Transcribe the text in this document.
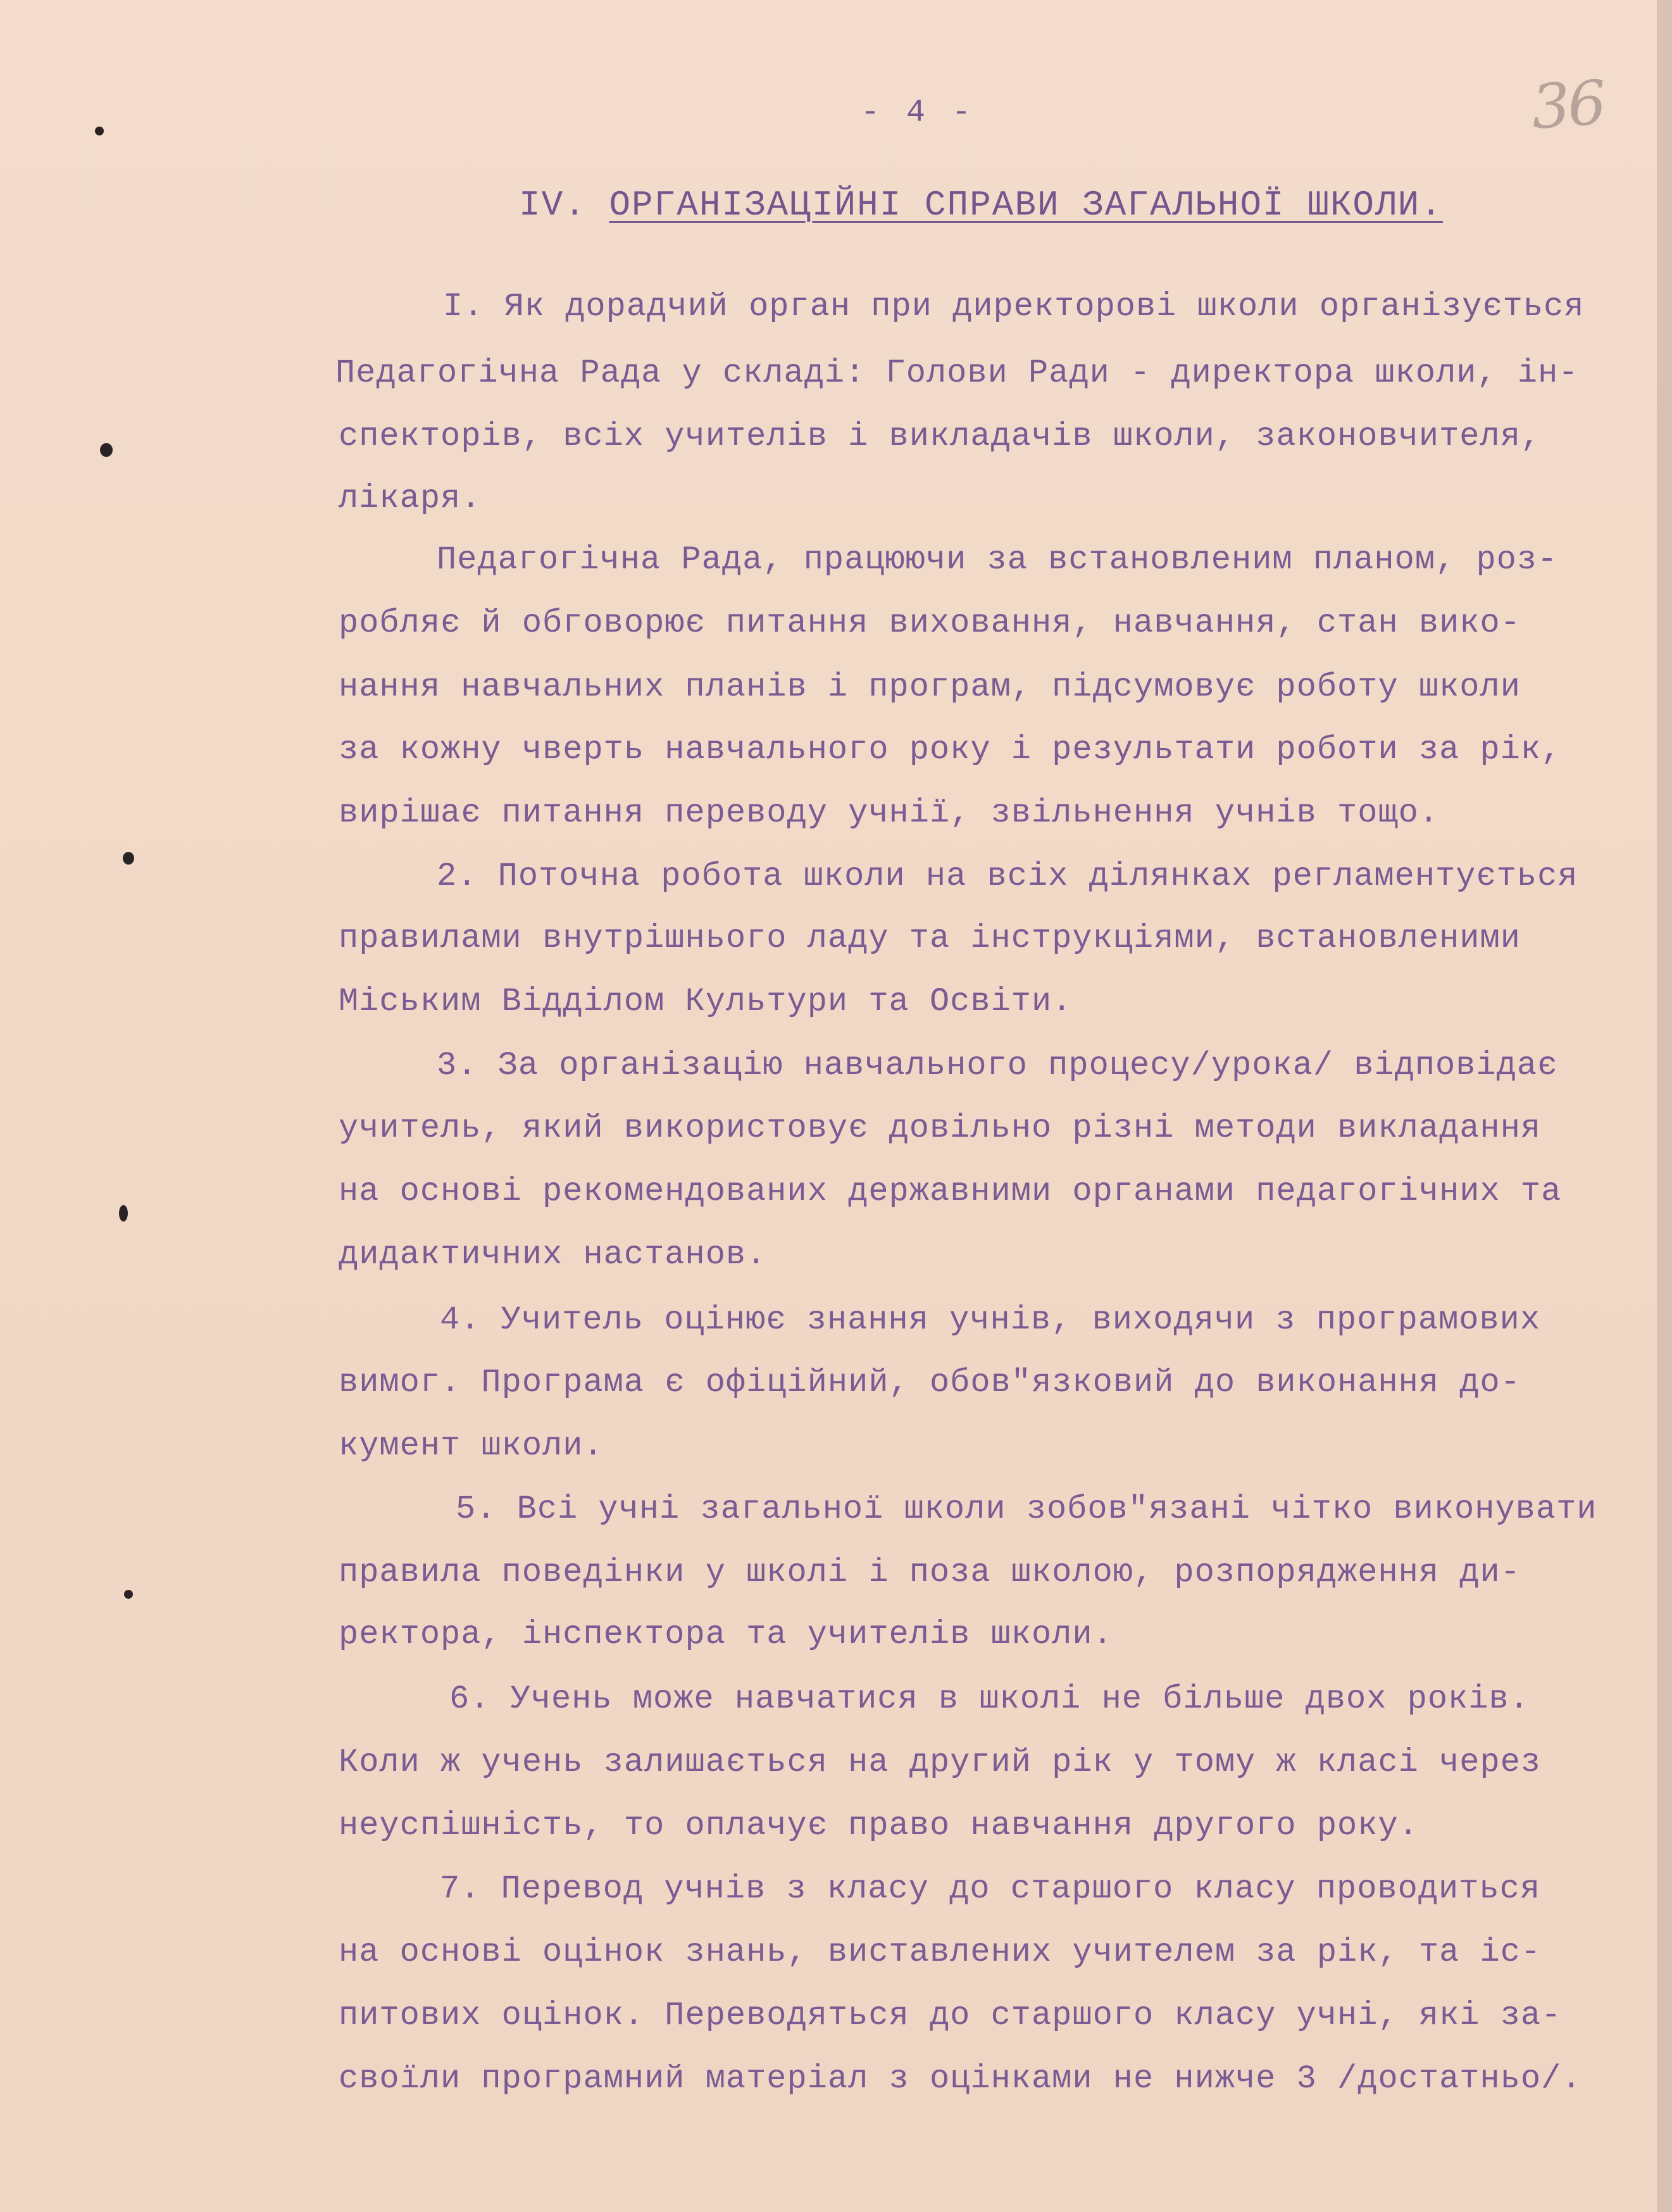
36
- 4 -
IV. ОРГАНІЗАЦІЙНІ СПРАВИ ЗАГАЛЬНОЇ ШКОЛИ.
I. Як дорадчий орган при директорові школи організується
Педагогічна Рада у складі: Голови Ради - директора школи, ін-
спекторів, всіх учителів і викладачів школи, законовчителя,
лікаря.
Педагогічна Рада, працюючи за встановленим планом, роз-
робляє й обговорює питання виховання, навчання, стан вико-
нання навчальних планів і програм, підсумовує роботу школи
за кожну чверть навчального року і результати роботи за рік,
вирішає питання переводу учнії, звільнення учнів тощо.
2. Поточна робота школи на всіх ділянках регламентується
правилами внутрішнього ладу та інструкціями, встановленими
Міським Відділом Культури та Освіти.
3. За організацію навчального процесу/урока/ відповідає
учитель, який використовує довільно різні методи викладання
на основі рекомендованих державними органами педагогічних та
дидактичних настанов.
4. Учитель оцінює знання учнів, виходячи з програмових
вимог. Програма є офіційний, обов"язковий до виконання до-
кумент школи.
5. Всі учні загальної школи зобов"язані чітко виконувати
правила поведінки у школі і поза школою, розпорядження ди-
ректора, інспектора та учителів школи.
6. Учень може навчатися в школі не більше двох років.
Коли ж учень залишається на другий рік у тому ж класі через
неуспішність, то оплачує право навчання другого року.
7. Перевод учнів з класу до старшого класу проводиться
на основі оцінок знань, виставлених учителем за рік, та іс-
питових оцінок. Переводяться до старшого класу учні, які за-
своїли програмний матеріал з оцінками не нижче 3 /достатньо/.
